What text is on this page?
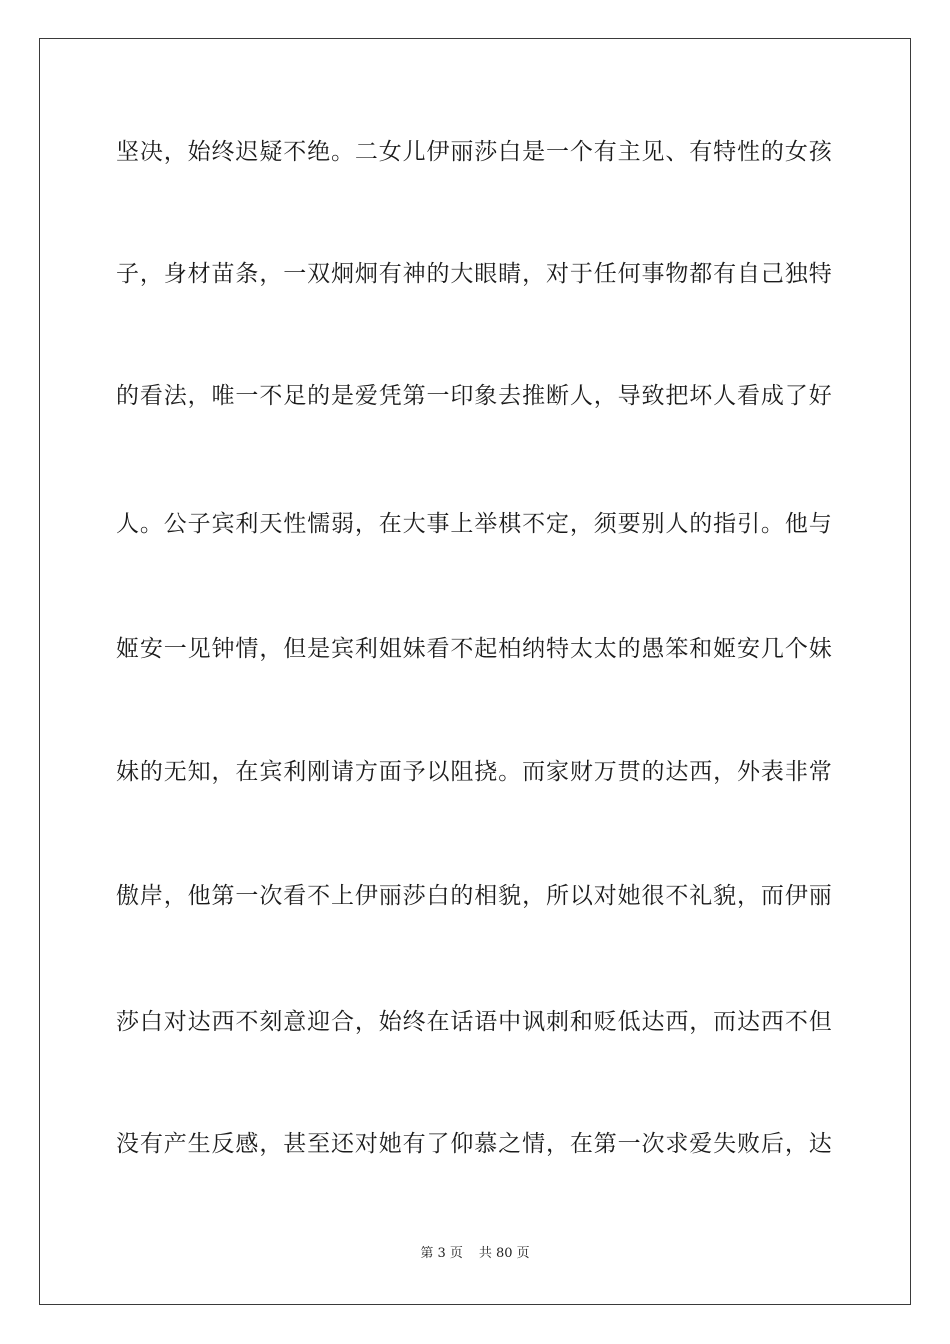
坚决，始终迟疑不绝。二女儿伊丽莎白是一个有主见、有特性的女孩
子，身材苗条，一双炯炯有神的大眼睛，对于任何事物都有自己独特
的看法，唯一不足的是爱凭第一印象去推断人，导致把坏人看成了好
人。公子宾利天性懦弱，在大事上举棋不定，须要别人的指引。他与
姬安一见钟情，但是宾利姐妹看不起柏纳特太太的愚笨和姬安几个妹
妹的无知，在宾利刚请方面予以阻挠。而家财万贯的达西，外表非常
傲岸，他第一次看不上伊丽莎白的相貌，所以对她很不礼貌，而伊丽
莎白对达西不刻意迎合，始终在话语中讽刺和贬低达西，而达西不但
没有产生反感，甚至还对她有了仰慕之情，在第一次求爱失败后，达
第 3 页 共 80 页
